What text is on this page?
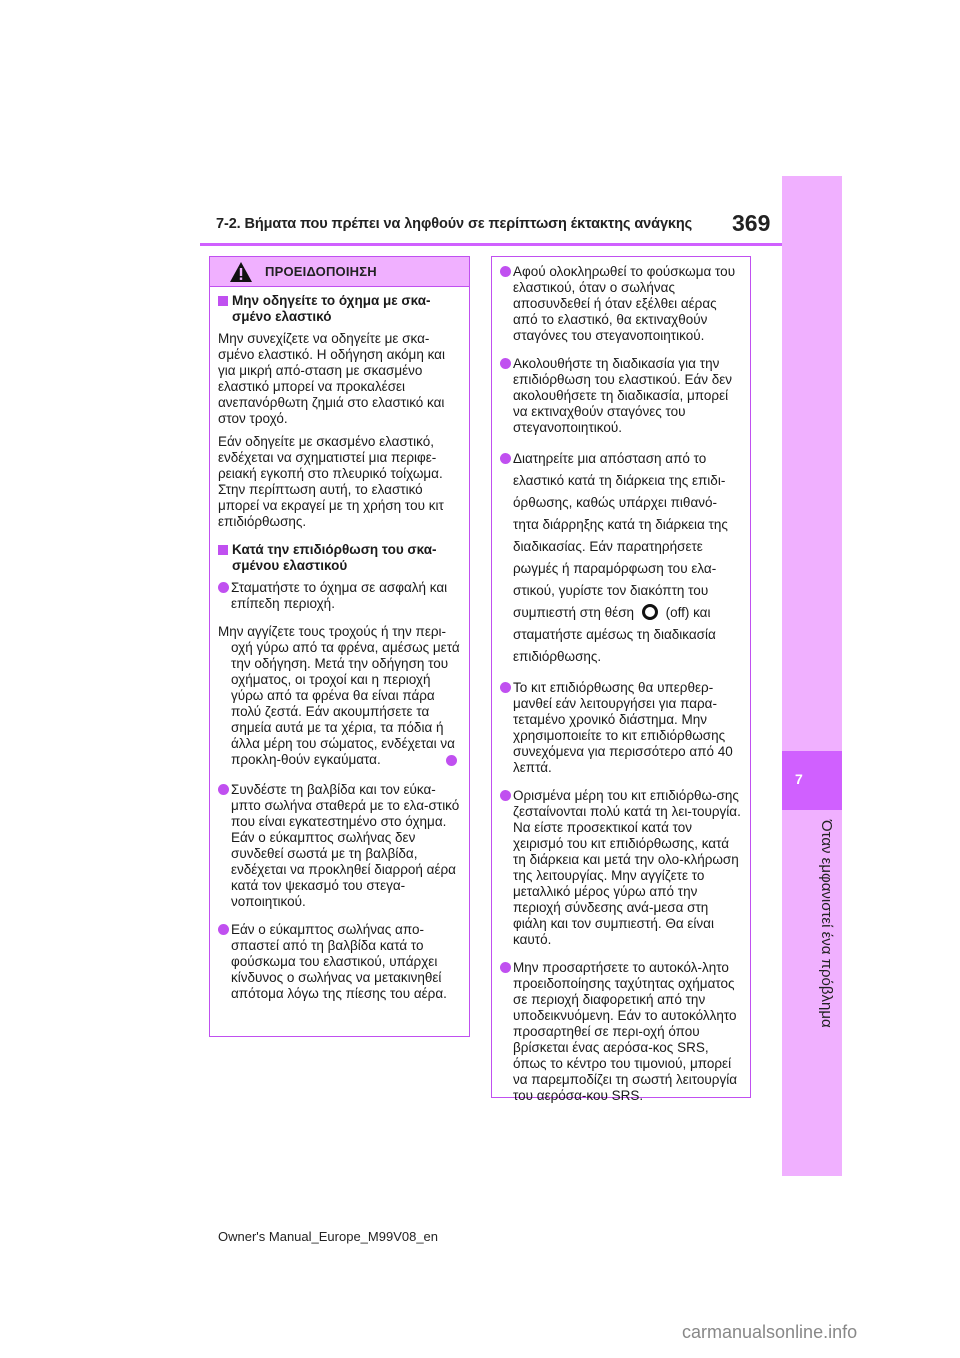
7-2. Βήματα που πρέπει να ληφθούν σε περίπτωση έκτακτης ανάγκης 369
7
Όταν εμφανιστεί ένα πρόβλημα
ΠΡΟΕΙΔΟΠΟΙΗΣΗ
Μην οδηγείτε το όχημα με σκα-σμένο ελαστικό
Μην συνεχίζετε να οδηγείτε με σκα-σμένο ελαστικό. Η οδήγηση ακόμη και για μικρή από-σταση με σκασμένο ελαστικό μπορεί να προκαλέσει ανεπανόρθωτη ζημιά στο ελαστικό και στον τροχό.
Εάν οδηγείτε με σκασμένο ελαστικό, ενδέχεται να σχηματιστεί μια περιφε-ρειακή εγκοπή στο πλευρικό τοίχωμα. Στην περίπτωση αυτή, το ελαστικό μπορεί να εκραγεί με τη χρήση του κιτ επιδιόρθωσης.
Κατά την επιδιόρθωση του σκα-σμένου ελαστικού
Σταματήστε το όχημα σε ασφαλή και επίπεδη περιοχή.
Μην αγγίζετε τους τροχούς ή την περι-οχή γύρω από τα φρένα, αμέσως μετά την οδήγηση. Μετά την οδήγηση του οχήματος, οι τροχοί και η περιοχή γύρω από τα φρένα θα είναι πάρα πολύ ζεστά. Εάν ακουμπήσετε τα σημεία αυτά με τα χέρια, τα πόδια ή άλλα μέρη του σώματος, ενδέχεται να προκλη-θούν εγκαύματα.
Συνδέστε τη βαλβίδα και τον εύκα-μπτο σωλήνα σταθερά με το ελα-στικό που είναι εγκατεστημένο στο όχημα. Εάν ο εύκαμπτος σωλήνας δεν συνδεθεί σωστά με τη βαλβίδα, ενδέχεται να προκληθεί διαρροή αέρα κατά τον ψεκασμό του στεγα-νοποιητικού.
Εάν ο εύκαμπτος σωλήνας απο-σπαστεί από τη βαλβίδα κατά το φούσκωμα του ελαστικού, υπάρχει κίνδυνος ο σωλήνας να μετακινηθεί απότομα λόγω της πίεσης του αέρα.
Αφού ολοκληρωθεί το φούσκωμα του ελαστικού, όταν ο σωλήνας αποσυνδεθεί ή όταν εξέλθει αέρας από το ελαστικό, θα εκτιναχθούν σταγόνες του στεγανοποιητικού.
Ακολουθήστε τη διαδικασία για την επιδιόρθωση του ελαστικού. Εάν δεν ακολουθήσετε τη διαδικασία, μπορεί να εκτιναχθούν σταγόνες του στεγανοποιητικού.
Διατηρείτε μια απόσταση από το ελαστικό κατά τη διάρκεια της επιδι-όρθωσης, καθώς υπάρχει πιθανό-τητα διάρρηξης κατά τη διάρκεια της διαδικασίας. Εάν παρατηρήσετε ρωγμές ή παραμόρφωση του ελα-στικού, γυρίστε τον διακόπτη του συμπιεστή στη θέση (off) και σταματήστε αμέσως τη διαδικασία επιδιόρθωσης.
Το κιτ επιδιόρθωσης θα υπερθερ-μανθεί εάν λειτουργήσει για παρα-τεταμένο χρονικό διάστημα. Μην χρησιμοποιείτε το κιτ επιδιόρθωσης συνεχόμενα για περισσότερο από 40 λεπτά.
Ορισμένα μέρη του κιτ επιδιόρθω-σης ζεσταίνονται πολύ κατά τη λει-τουργία. Να είστε προσεκτικοί κατά τον χειρισμό του κιτ επιδιόρθωσης, κατά τη διάρκεια και μετά την ολο-κλήρωση της λειτουργίας. Μην αγγίζετε το μεταλλικό μέρος γύρω από την περιοχή σύνδεσης ανά-μεσα στη φιάλη και τον συμπιεστή. Θα είναι καυτό.
Μην προσαρτήσετε το αυτοκόλ-λητο προειδοποίησης ταχύτητας οχήματος σε περιοχή διαφορετική από την υποδεικνυόμενη. Εάν το αυτοκόλλητο προσαρτηθεί σε περι-οχή όπου βρίσκεται ένας αερόσα-κος SRS, όπως το κέντρο του τιμονιού, μπορεί να παρεμποδίζει τη σωστή λειτουργία του αερόσα-κου SRS.
Owner's Manual_Europe_M99V08_en
carmanualsonline.info
